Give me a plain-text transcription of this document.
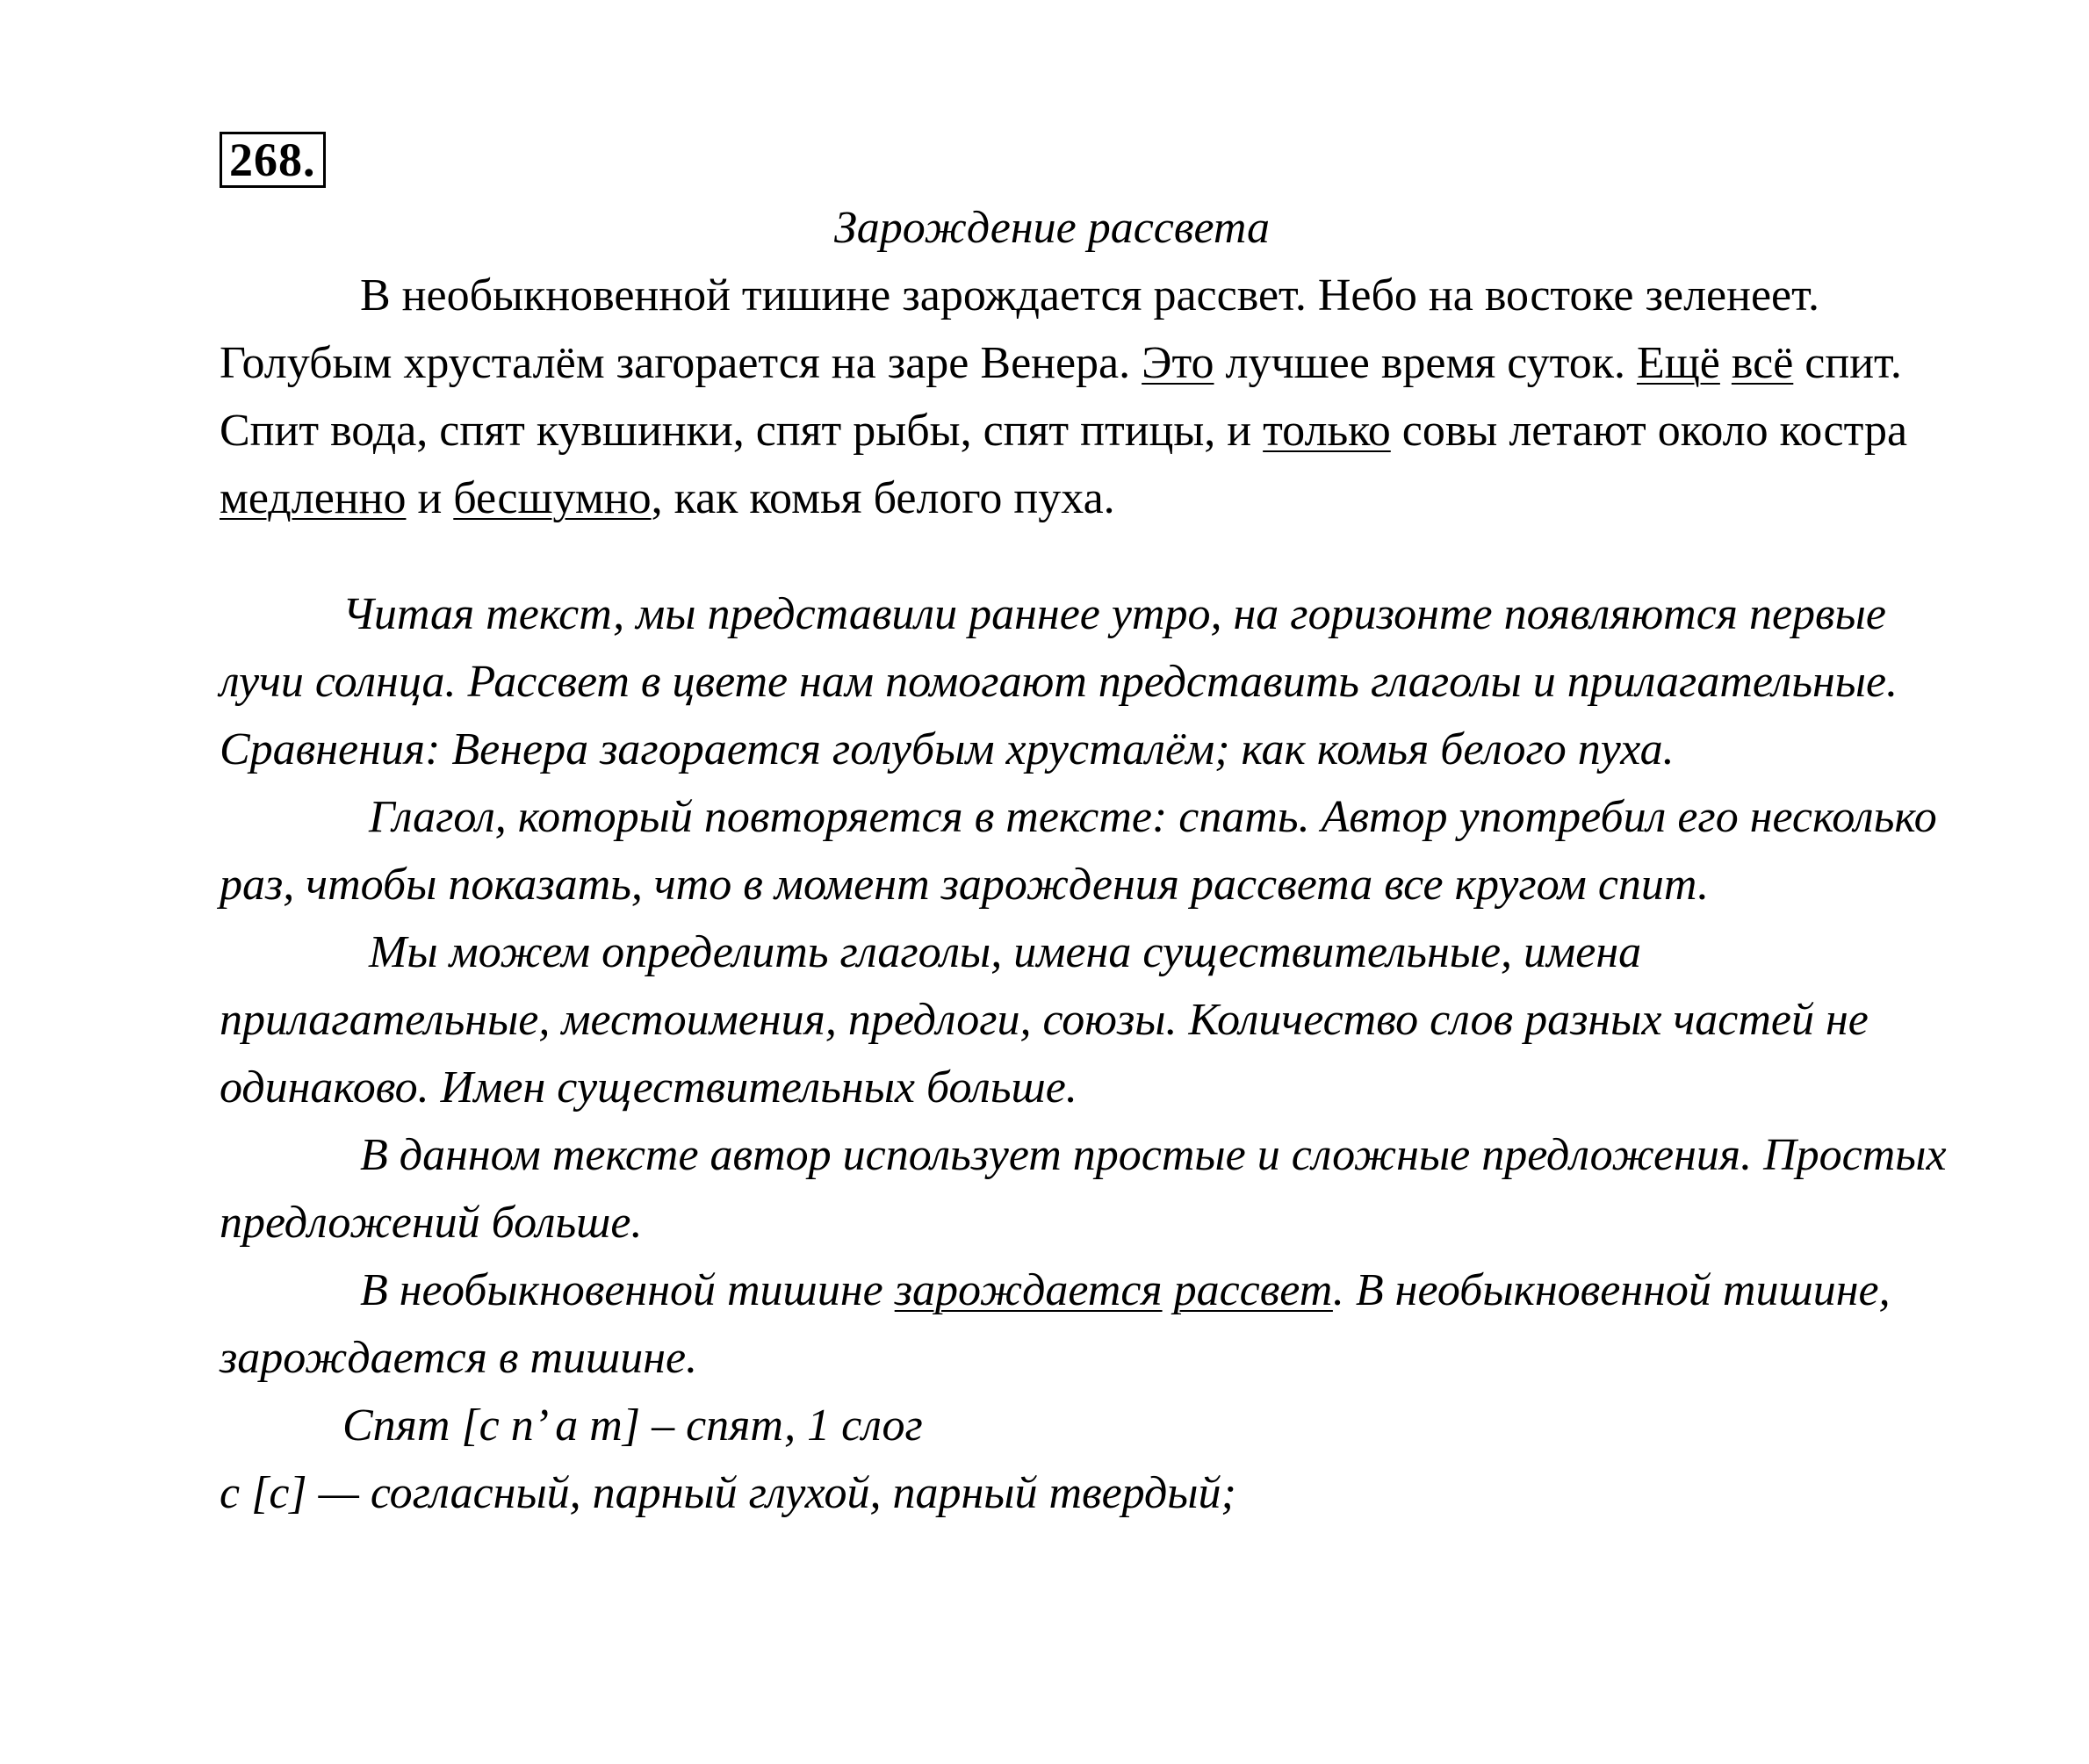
268.
Зарождение рассвета

В необыкновенной тишине зарождается рассвет. Небо на востоке зеленеет. Голубым хрусталём загорается на заре Венера. Это лучшее время суток. Ещё всё спит. Спит вода, спят кувшинки, спят рыбы, спят птицы, и только совы летают около костра медленно и бесшумно, как комья белого пуха.

Читая текст, мы представили раннее утро, на горизонте появляются первые лучи солнца. Рассвет в цвете нам помогают представить глаголы и прилагательные. Сравнения: Венера загорается голубым хрусталём; как комья белого пуха.

Глагол, который повторяется в тексте: спать. Автор употребил его несколько раз, чтобы показать, что в момент зарождения рассвета все кругом спит.

Мы можем определить глаголы, имена существительные, имена прилагательные, местоимения, предлоги, союзы. Количество слов разных частей не одинаково. Имен существительных больше.

В данном тексте автор использует простые и сложные предложения. Простых предложений больше.

В необыкновенной тишине зарождается рассвет. В необыкновенной тишине, зарождается в тишине.

Спят [с п’ а т] – спят, 1 слог

с [с] — согласный, парный глухой, парный твердый;
